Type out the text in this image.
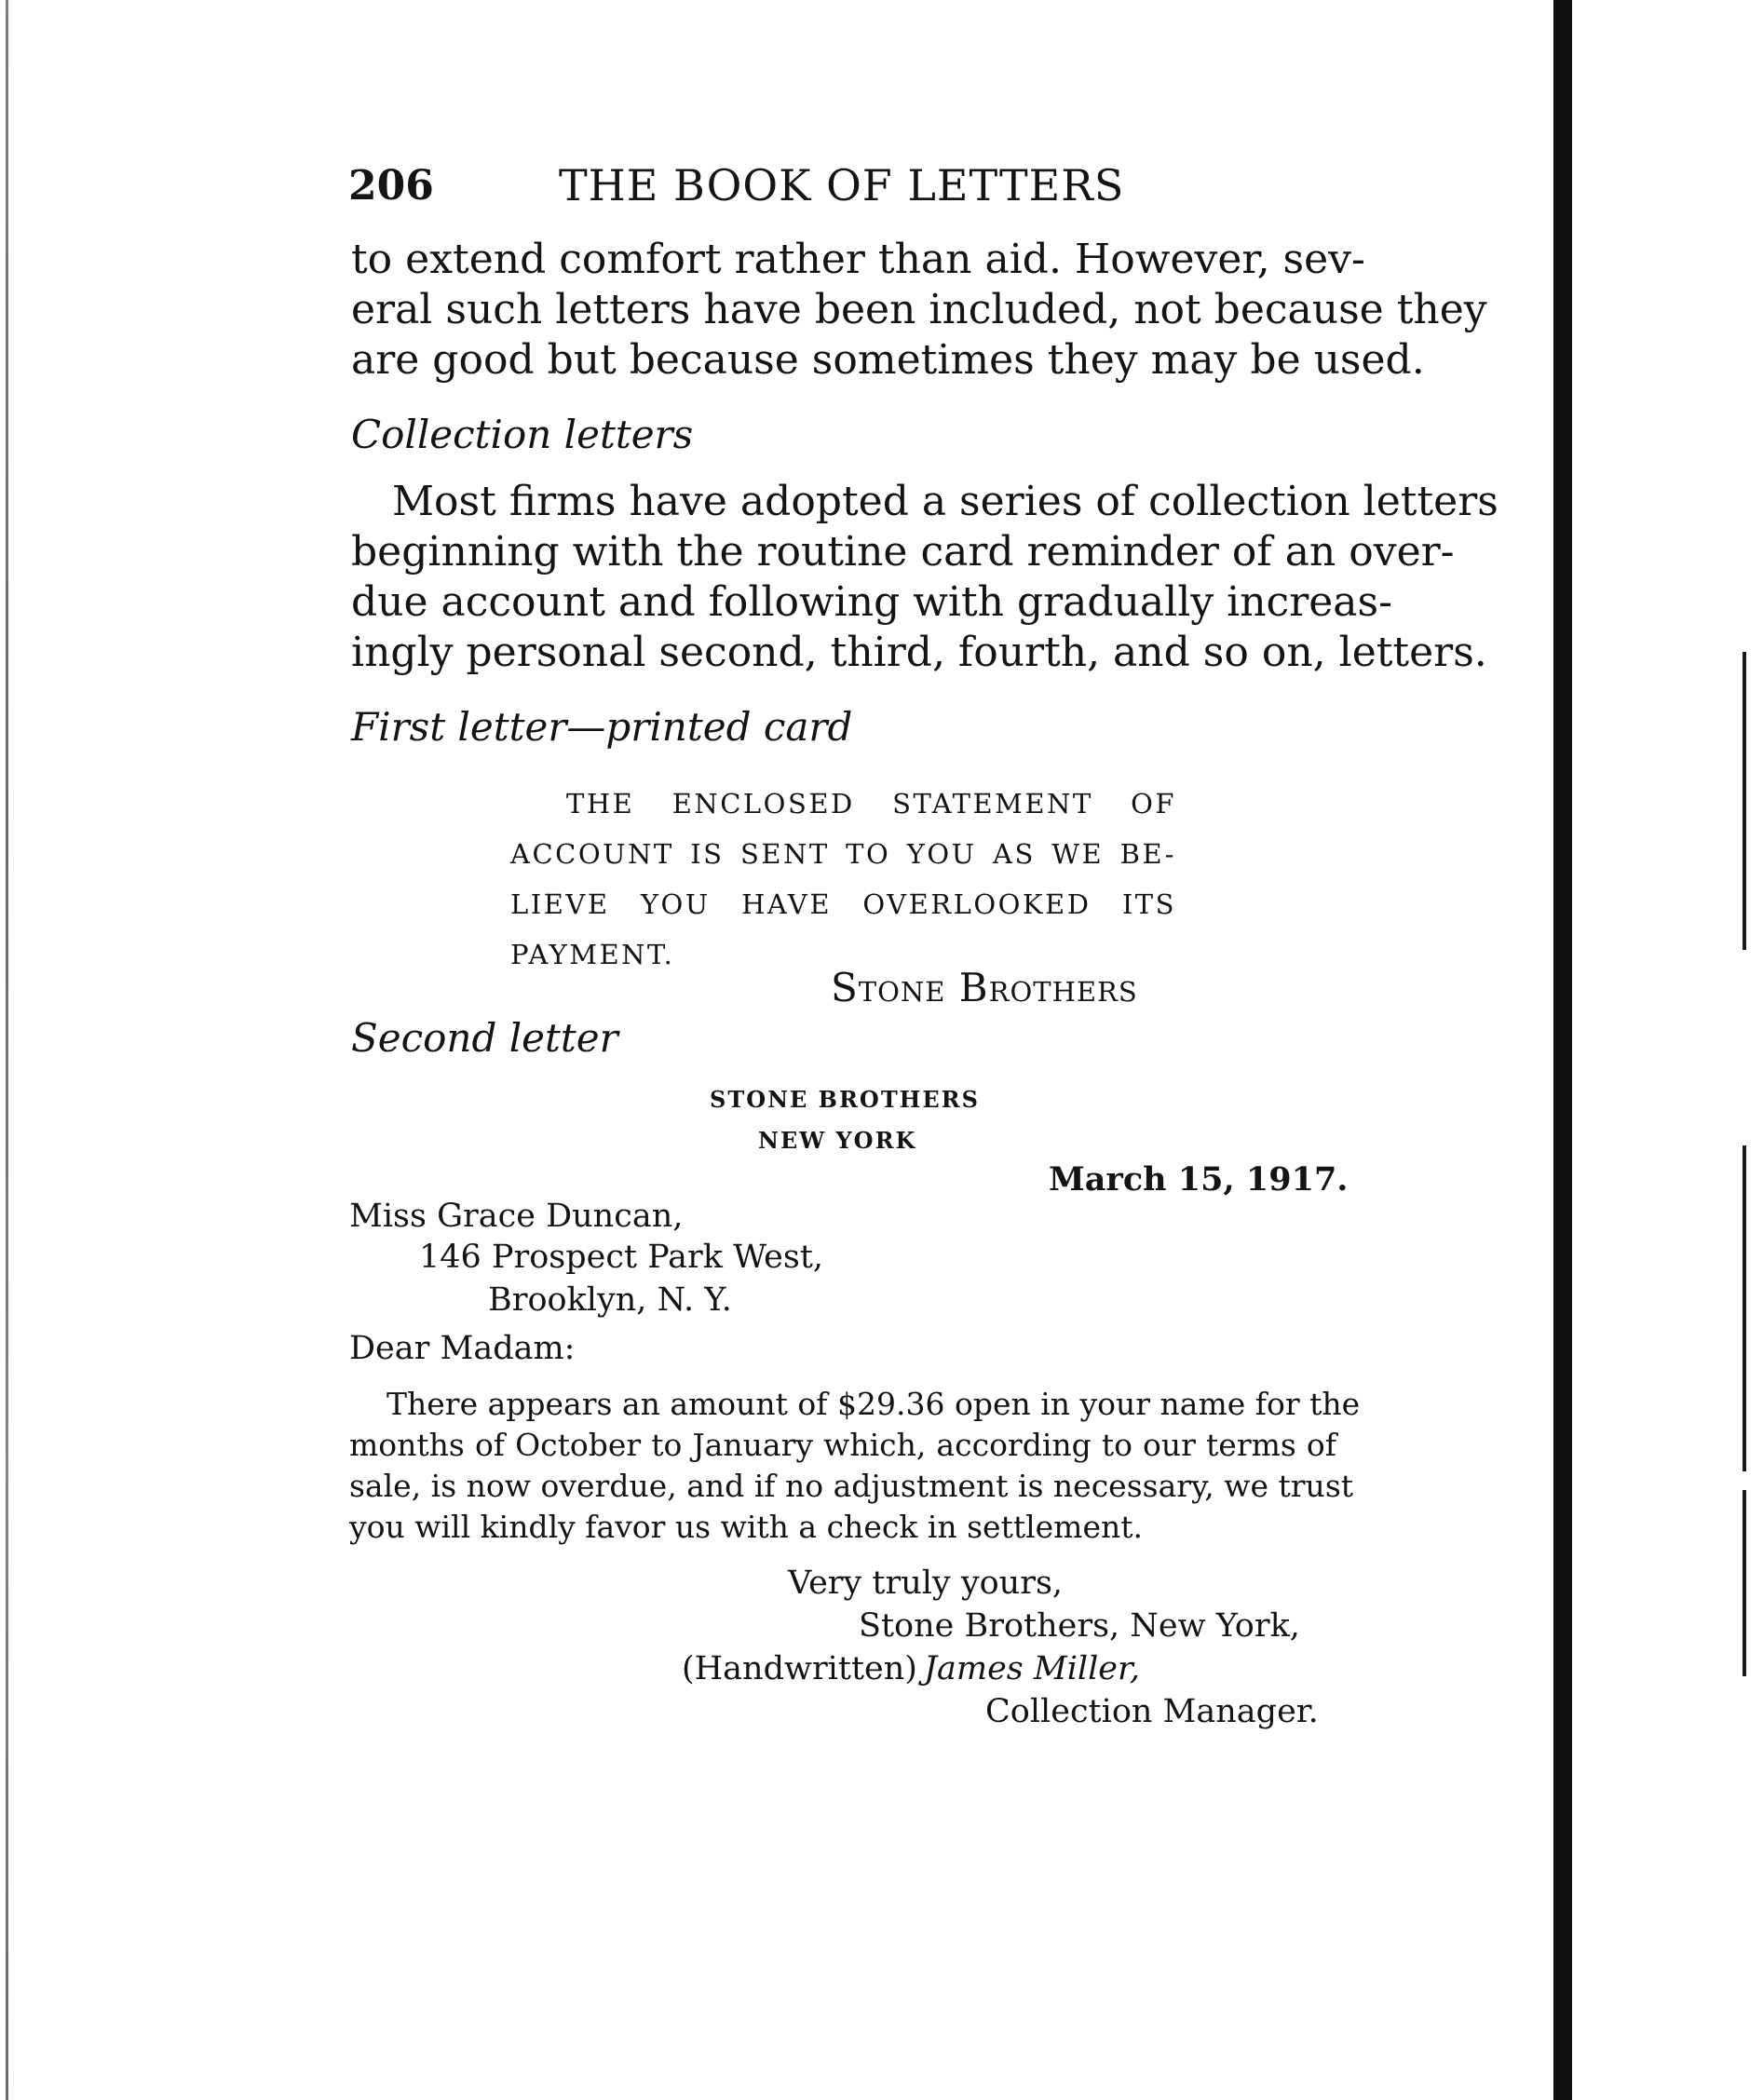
206	THE BOOK OF LETTERS
to extend comfort rather than aid. However, sev-
eral such letters have been included, not because they
are good but because sometimes they may be used.
Collection letters
Most firms have adopted a series of collection letters
beginning with the routine card reminder of an over-
due account and following with gradually increas-
ingly personal second, third, fourth, and so on, letters.
First letter—printed card
THE ENCLOSED STATEMENT OF
ACCOUNT IS SENT TO YOU AS WE BE-
LIEVE YOU HAVE OVERLOOKED ITS
PAYMENT.
Stone Brothers
Second letter
STONE BROTHERS
NEW YORK
March 15, 1917.
Miss Grace Duncan,
146 Prospect Park West,
Brooklyn, N. Y.
Dear Madam:
There appears an amount of $29.36 open in your name for the
months of October to January which, according to our terms of
sale, is now overdue, and if no adjustment is necessary, we trust
you will kindly favor us with a check in settlement.
Very truly yours,
Stone Brothers, New York,
(Handwritten) James Miller,
Collection Manager.
